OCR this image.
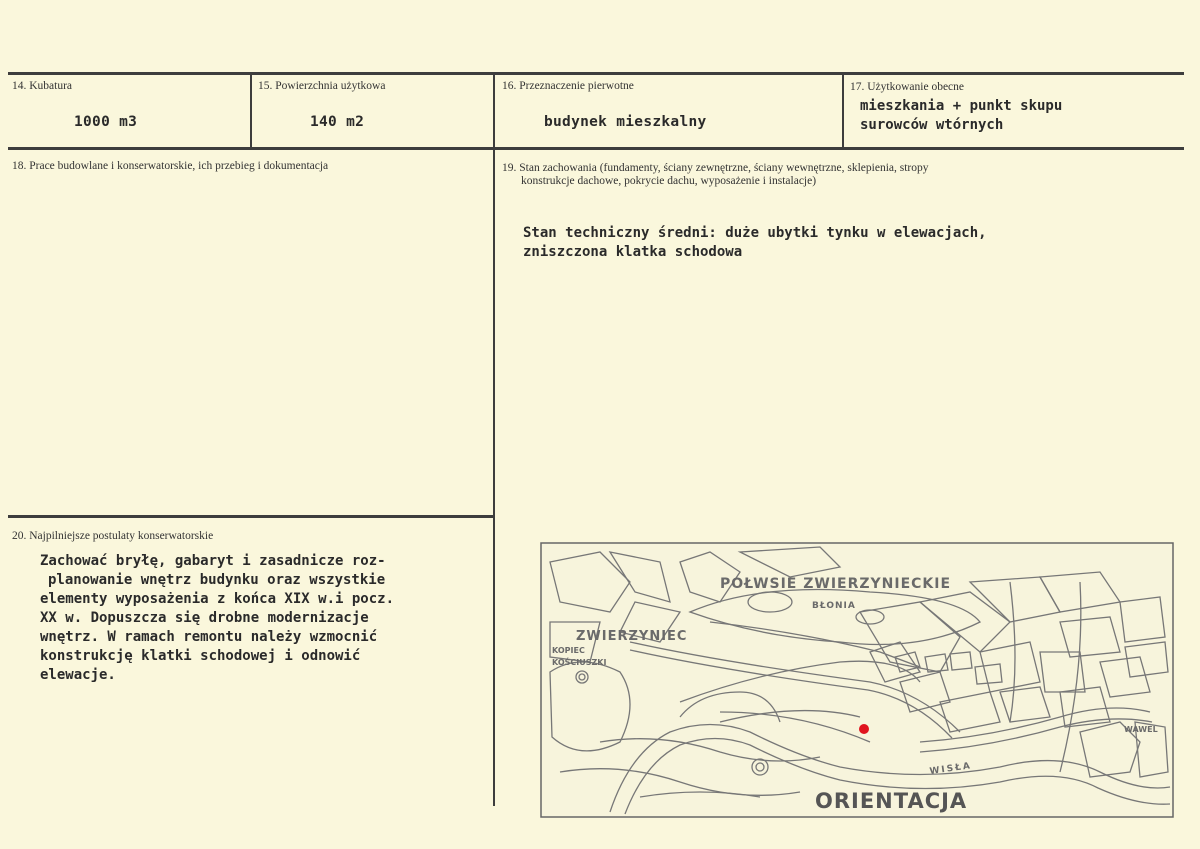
14. Kubatura
1000 m3
15. Powierzchnia użytkowa
140 m2
16. Przeznaczenie pierwotne
budynek mieszkalny
17. Użytkowanie obecne
mieszkania + punkt skupu
surowców wtórnych
18. Prace budowlane i konserwatorskie, ich przebieg i dokumentacja	19. Stan zachowania (fundamenty, ściany zewnętrzne, ściany wewnętrzne, sklepienia, stropy
konstrukcje dachowe, pokrycie dachu, wyposażenie i instalacje)
Stan techniczny średni: duże ubytki tynku w elewacjach,
zniszczona klatka schodowa
20. Najpilniejsze postulaty konserwatorskie
Zachować bryłę, gabaryt i zasadnicze roz-
planowanie wnętrz budynku oraz wszystkie
elementy wyposażenia z końca XIX w.i pocz.
XX w. Dopuszcza się drobne modernizacje
wnętrz. W ramach remontu należy wzmocnić
konstrukcję klatki schodowej i odnowić
elewacje.
POŁWSIE ZWIERZYNIECKIE
BŁONIA
ZWIERZYNIEC
KOPIEC
KOŚCIUSZKI
WAWEL
WISŁA
ORIENTACJA
